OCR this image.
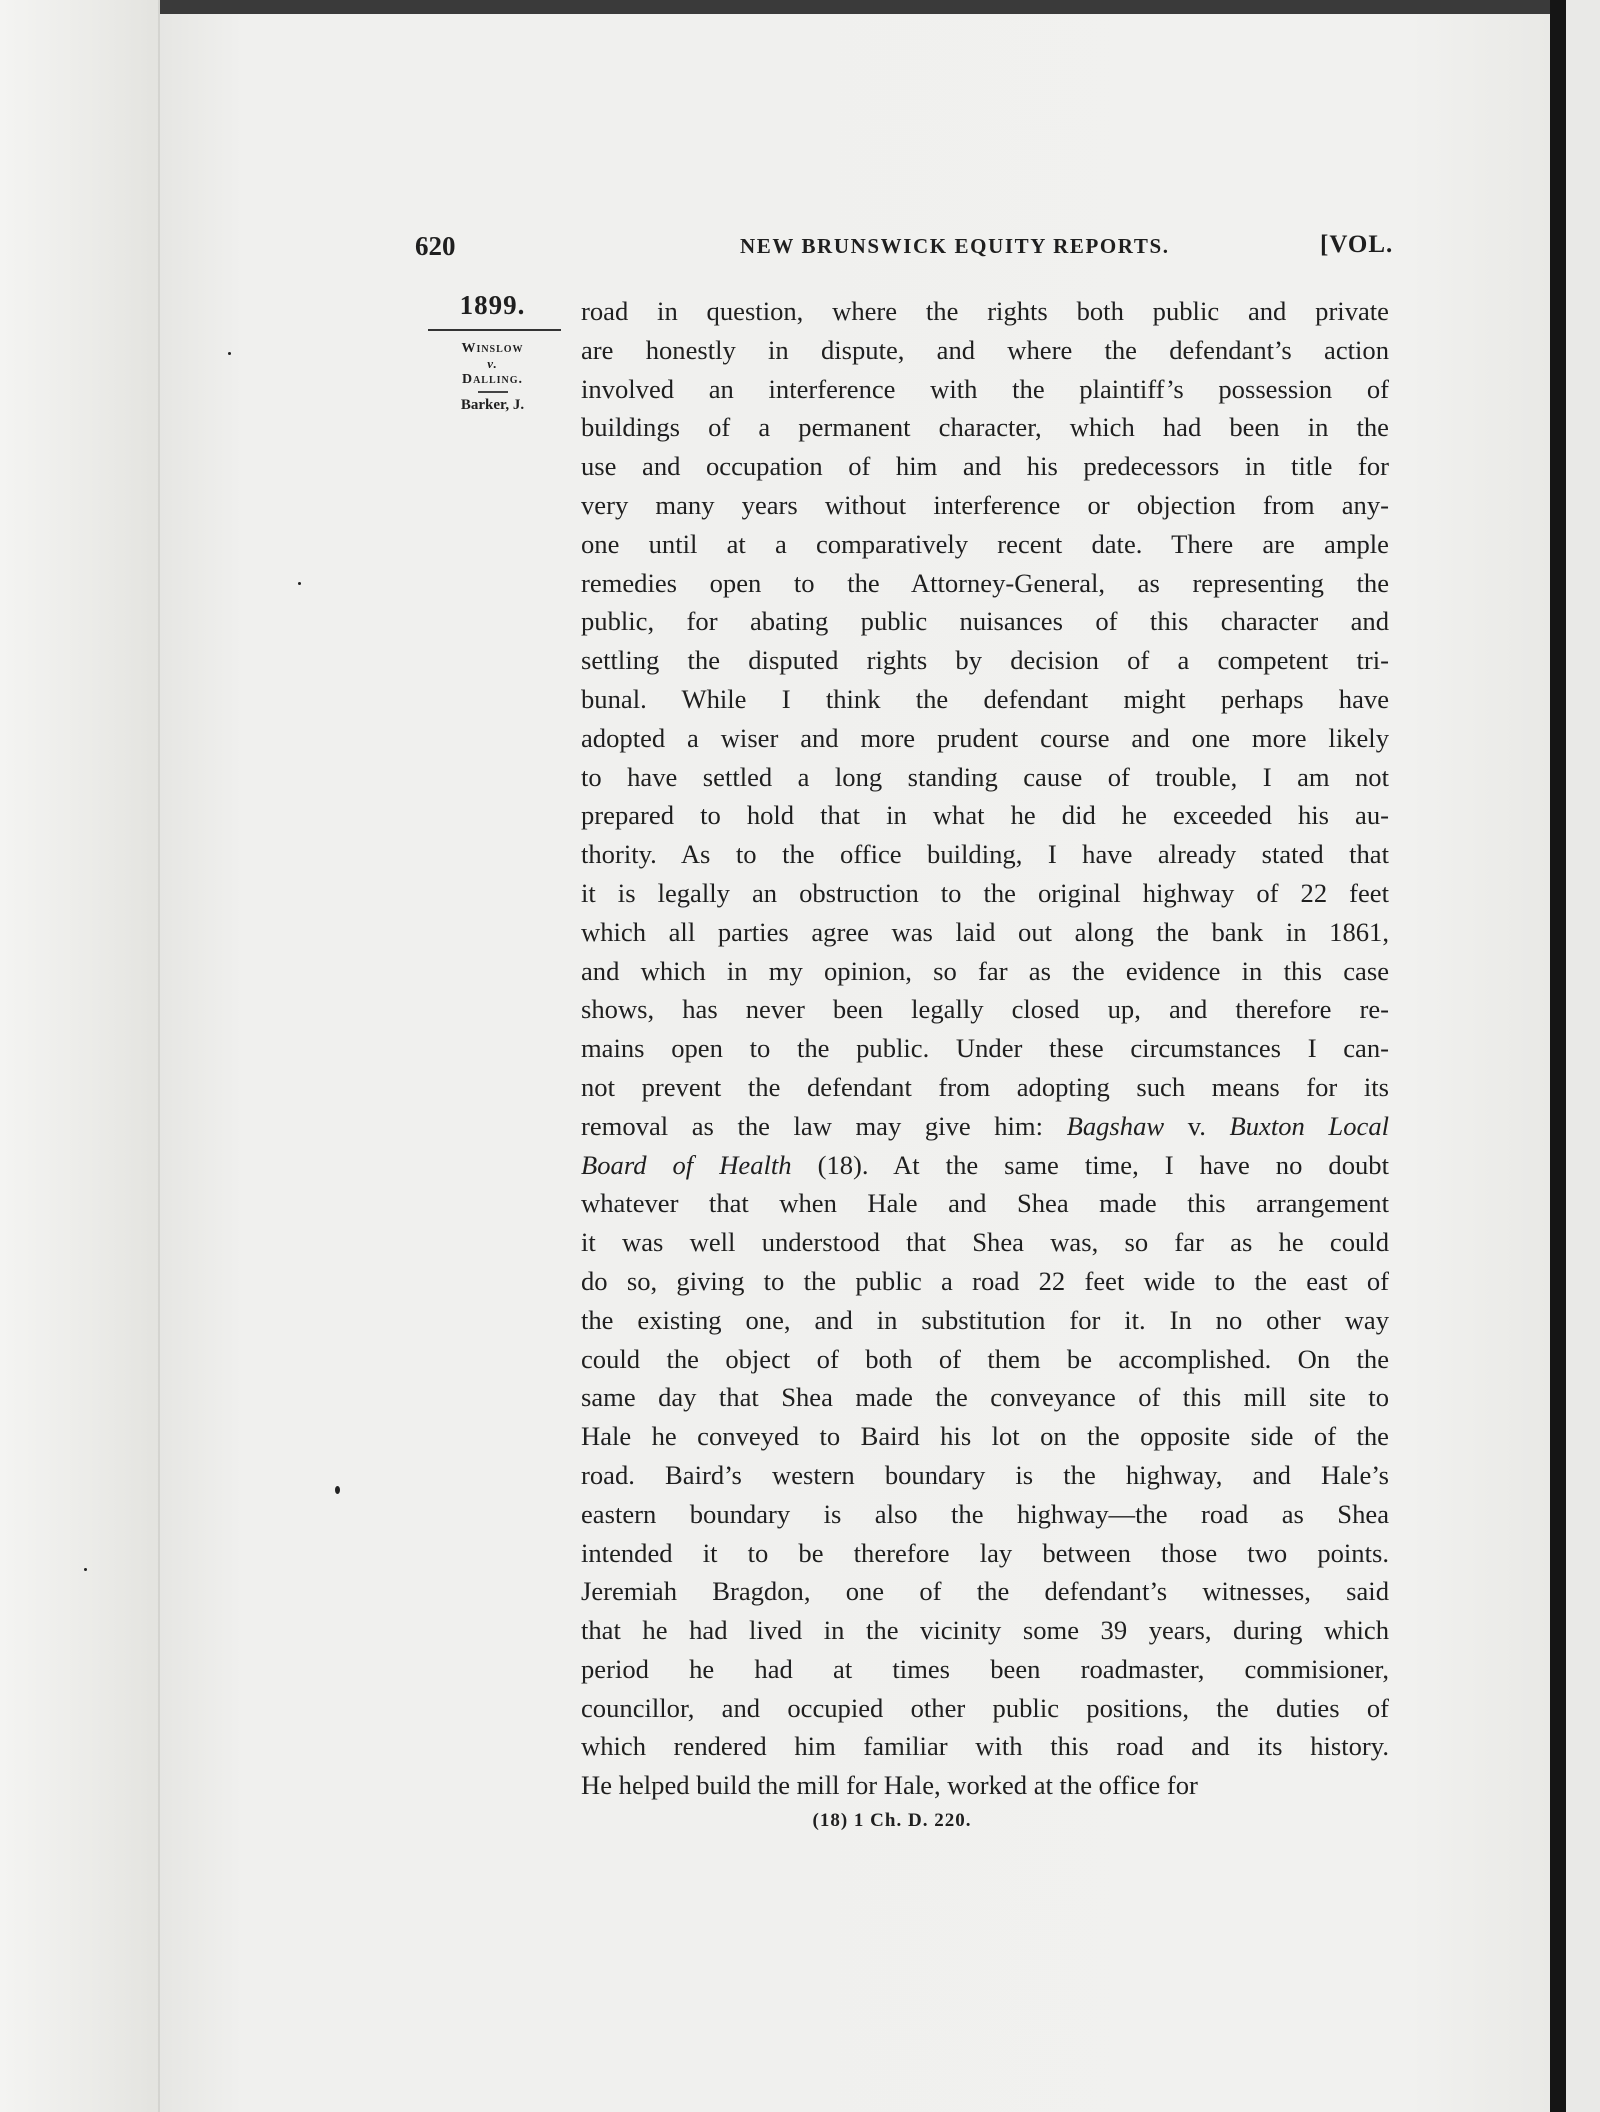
620	NEW BRUNSWICK EQUITY REPORTS.	[VOL.
1899.
Winslow
v.
Dalling.
Barker, J.
road in question, where the rights both public and private
are honestly in dispute, and where the defendant’s action
involved an interference with the plaintiff’s possession of
buildings of a permanent character, which had been in the
use and occupation of him and his predecessors in title for
very many years without interference or objection from any-
one until at a comparatively recent date. There are ample
remedies open to the Attorney-General, as representing the
public, for abating public nuisances of this character and
settling the disputed rights by decision of a competent tri-
bunal. While I think the defendant might perhaps have
adopted a wiser and more prudent course and one more likely
to have settled a long standing cause of trouble, I am not
prepared to hold that in what he did he exceeded his au-
thority. As to the office building, I have already stated that
it is legally an obstruction to the original highway of 22 feet
which all parties agree was laid out along the bank in 1861,
and which in my opinion, so far as the evidence in this case
shows, has never been legally closed up, and therefore re-
mains open to the public. Under these circumstances I can-
not prevent the defendant from adopting such means for its
removal as the law may give him: Bagshaw v. Buxton Local
Board of Health (18). At the same time, I have no doubt
whatever that when Hale and Shea made this arrangement
it was well understood that Shea was, so far as he could
do so, giving to the public a road 22 feet wide to the east of
the existing one, and in substitution for it. In no other way
could the object of both of them be accomplished. On the
same day that Shea made the conveyance of this mill site to
Hale he conveyed to Baird his lot on the opposite side of the
road. Baird’s western boundary is the highway, and Hale’s
eastern boundary is also the highway—the road as Shea
intended it to be therefore lay between those two points.
Jeremiah Bragdon, one of the defendant’s witnesses, said
that he had lived in the vicinity some 39 years, during which
period he had at times been roadmaster, commisioner,
councillor, and occupied other public positions, the duties of
which rendered him familiar with this road and its history.
He helped build the mill for Hale, worked at the office for
(18) 1 Ch. D. 220.
